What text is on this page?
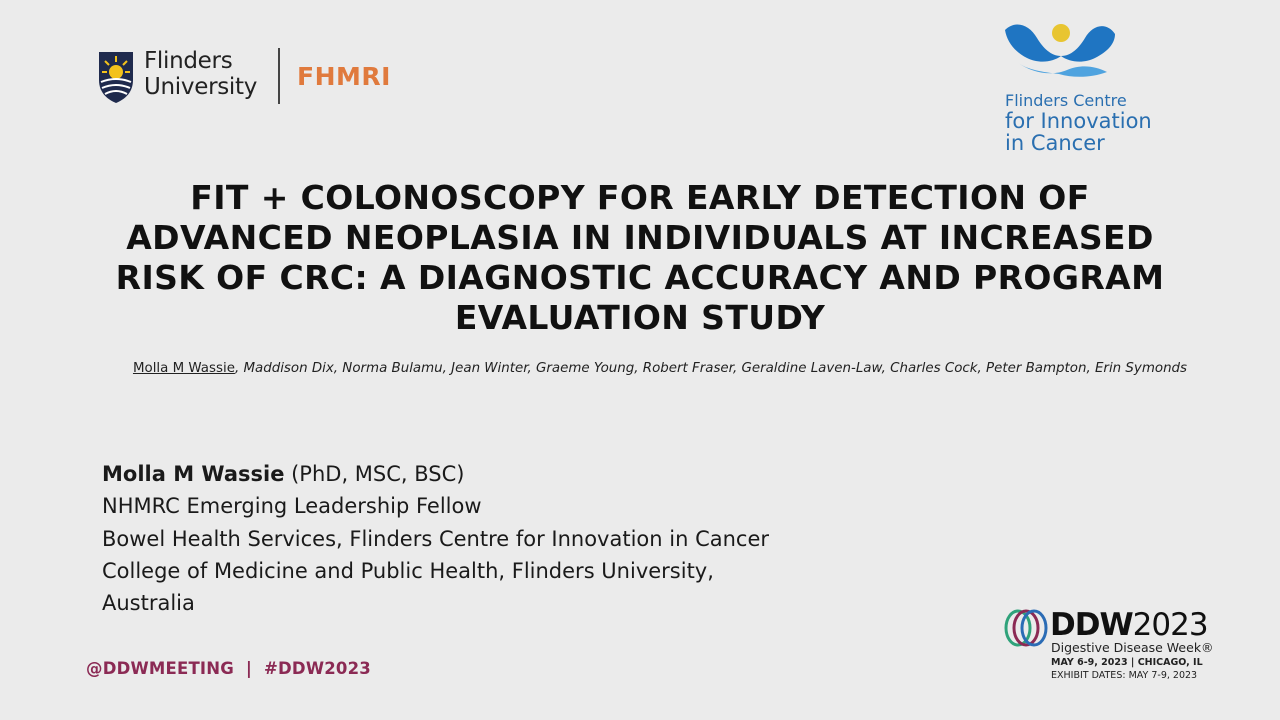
Flinders
University FHMRI
Flinders Centre
for Innovation
in Cancer
FIT + COLONOSCOPY FOR EARLY DETECTION OF
ADVANCED NEOPLASIA IN INDIVIDUALS AT INCREASED
RISK OF CRC: A DIAGNOSTIC ACCURACY AND PROGRAM
EVALUATION STUDY
Molla M Wassie, Maddison Dix, Norma Bulamu, Jean Winter, Graeme Young, Robert Fraser, Geraldine Laven-Law, Charles Cock, Peter Bampton, Erin Symonds
Molla M Wassie (PhD, MSC, BSC)
NHMRC Emerging Leadership Fellow
Bowel Health Services, Flinders Centre for Innovation in Cancer
College of Medicine and Public Health, Flinders University,
Australia
@DDWMEETING  |  #DDW2023
DDW2023
Digestive Disease Week®
MAY 6-9, 2023 | CHICAGO, IL
EXHIBIT DATES: MAY 7-9, 2023
